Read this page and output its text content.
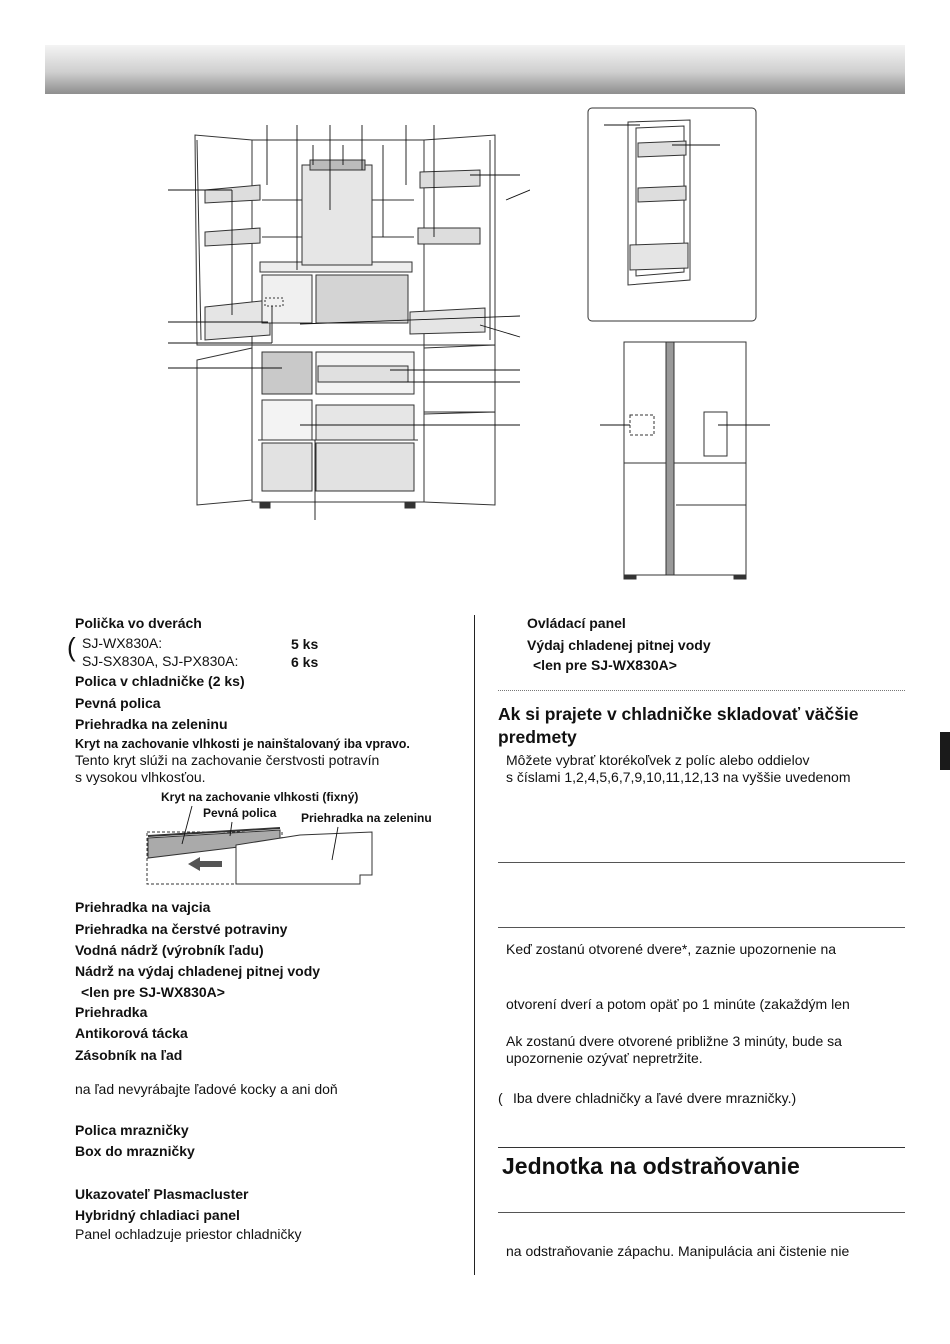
Polička vo dverách
( SJ-WX830A:	5 ks
SJ-SX830A, SJ-PX830A:	6 ks
Polica v chladničke (2 ks)
Pevná polica
Priehradka na zeleninu
Kryt na zachovanie vlhkosti je nainštalovaný iba vpravo.
Tento kryt slúži na zachovanie čerstvosti potravín
s vysokou vlhkosťou.
Kryt na zachovanie vlhkosti (fixný)
Pevná polica Priehradka na zeleninu
Priehradka na vajcia
Priehradka na čerstvé potraviny
Vodná nádrž (výrobník ľadu)
Nádrž na výdaj chladenej pitnej vody
<len pre SJ-WX830A>
Priehradka
Antikorová tácka
Zásobník na ľad
na ľad nevyrábajte ľadové kocky a ani doň
Polica mrazničky
Box do mrazničky
Ukazovateľ Plasmacluster
Hybridný chladiaci panel
Panel ochladzuje priestor chladničky
Ovládací panel
Výdaj chladenej pitnej vody
<len pre SJ-WX830A>
Ak si prajete v chladničke skladovať väčšie
predmety
Môžete vybrať ktorékoľvek z políc alebo oddielov
s číslami 1,2,4,5,6,7,9,10,11,12,13 na vyššie uvedenom
Keď zostanú otvorené dvere*, zaznie upozornenie na
otvorení dverí a potom opäť po 1 minúte (zakaždým len
Ak zostanú dvere otvorené približne 3 minúty, bude sa
upozornenie ozývať nepretržite.
( Iba dvere chladničky a ľavé dvere mrazničky.)
Jednotka na odstraňovanie
na odstraňovanie zápachu. Manipulácia ani čistenie nie
